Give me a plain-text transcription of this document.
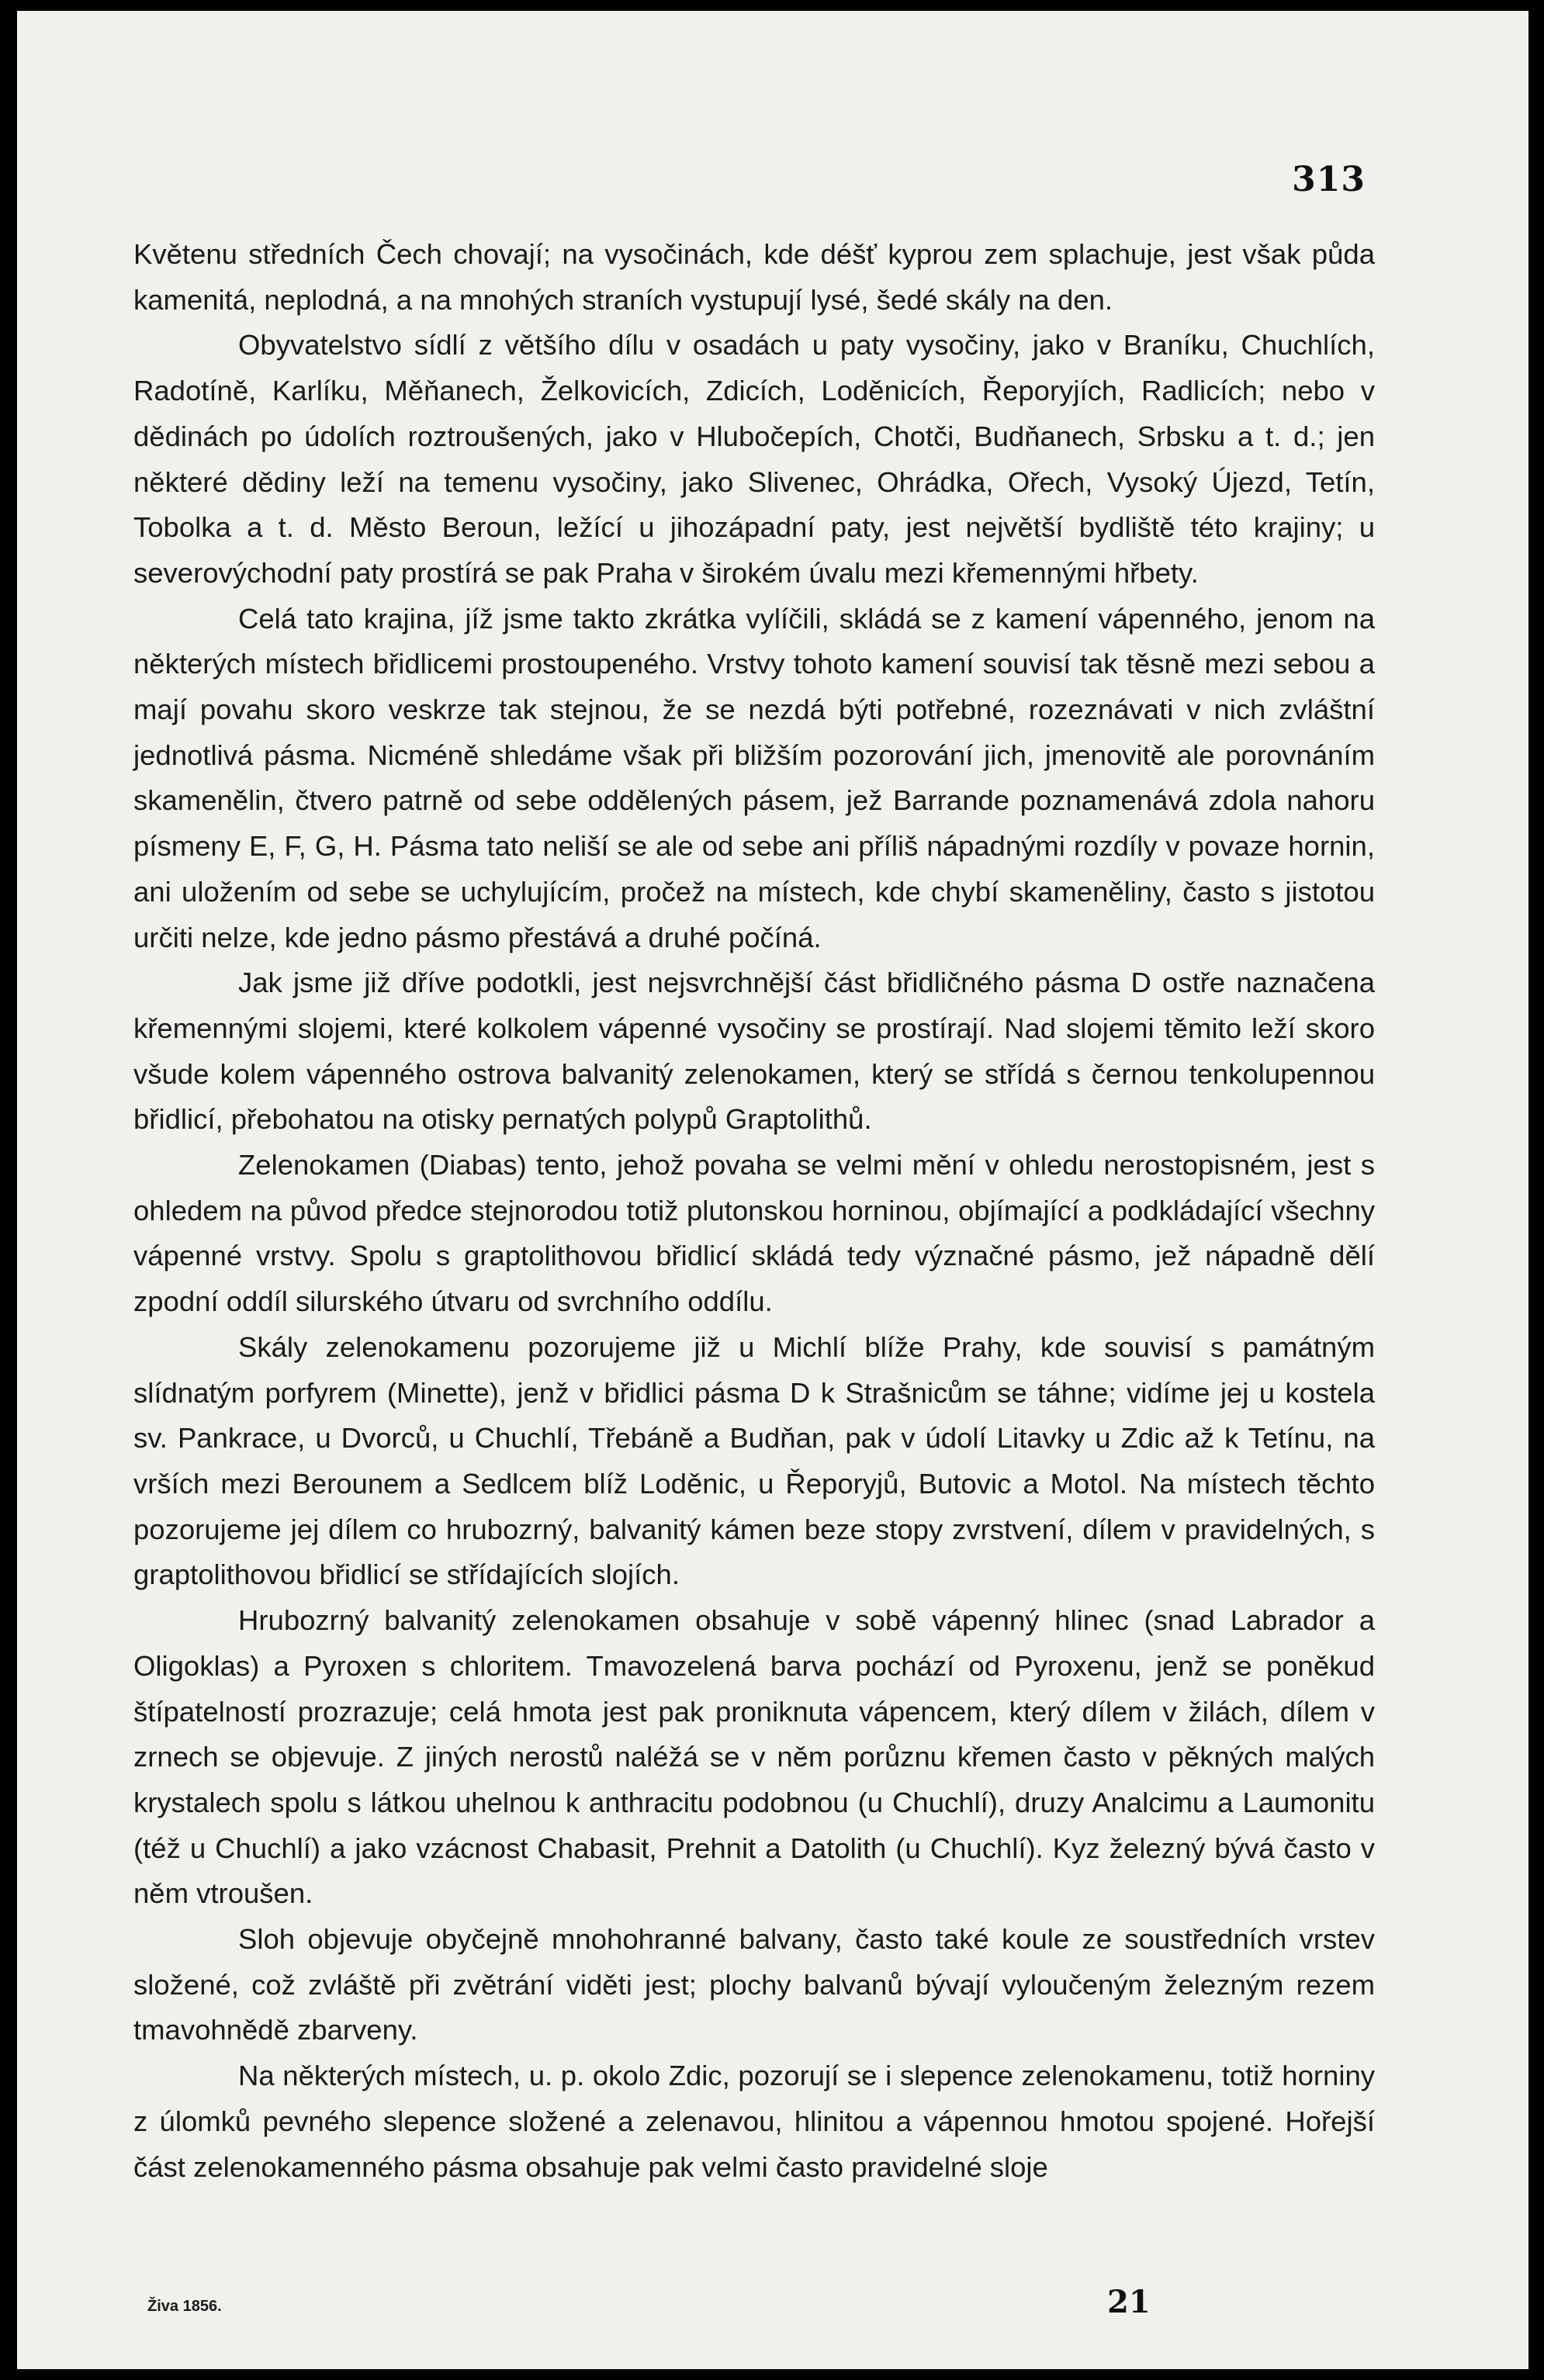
313

Květenu středních Čech chovají; na vysočinách, kde déšť kyprou zem splachuje, jest však půda kamenitá, neplodná, a na mnohých straních vystupují lysé, šedé skály na den.

Obyvatelstvo sídlí z většího dílu v osadách u paty vysočiny, jako v Braníku, Chuchlích, Radotíně, Karlíku, Měňanech, Želkovicích, Zdicích, Loděnicích, Řeporyjích, Radlicích; nebo v dědinách po údolích roztroušených, jako v Hlubočepích, Chotči, Budňanech, Srbsku a t. d.; jen některé dědiny leží na temenu vysočiny, jako Slivenec, Ohrádka, Ořech, Vysoký Újezd, Tetín, Tobolka a t. d. Město Beroun, ležící u jihozápadní paty, jest největší bydliště této krajiny; u severovýchodní paty prostírá se pak Praha v širokém úvalu mezi křemennými hřbety.

Celá tato krajina, jíž jsme takto zkrátka vylíčili, skládá se z kamení vápenného, jenom na některých místech břidlicemi prostoupeného. Vrstvy tohoto kamení souvisí tak těsně mezi sebou a mají povahu skoro veskrze tak stejnou, že se nezdá býti potřebné, rozeznávati v nich zvláštní jednotlivá pásma. Nicméně shledáme však při bližším pozorování jich, jmenovitě ale porovnáním skamenělin, čtvero patrně od sebe oddělených pásem, jež Barrande poznamenává zdola nahoru písmeny E, F, G, H. Pásma tato neliší se ale od sebe ani příliš nápadnými rozdíly v povaze hornin, ani uložením od sebe se uchylujícím, pročež na místech, kde chybí skameněliny, často s jistotou určiti nelze, kde jedno pásmo přestává a druhé počíná.

Jak jsme již dříve podotkli, jest nejsvrchnější část břidličného pásma D ostře naznačena křemennými slojemi, které kolkolem vápenné vysočiny se prostírají. Nad slojemi těmito leží skoro všude kolem vápenného ostrova balvanitý zelenokamen, který se střídá s černou tenkolupennou břidlicí, přebohatou na otisky pernatých polypů Graptolithů.

Zelenokamen (Diabas) tento, jehož povaha se velmi mění v ohledu nerostopisném, jest s ohledem na původ předce stejnorodou totiž plutonskou horninou, objímající a podkládající všechny vápenné vrstvy. Spolu s graptolithovou břidlicí skládá tedy význačné pásmo, jež nápadně dělí zpodní oddíl silurského útvaru od svrchního oddílu.

Skály zelenokamenu pozorujeme již u Michlí blíže Prahy, kde souvisí s památným slídnatým porfyrem (Minette), jenž v břidlici pásma D k Strašnicům se táhne; vidíme jej u kostela sv. Pankrace, u Dvorců, u Chuchlí, Třebáně a Budňan, pak v údolí Litavky u Zdic až k Tetínu, na vrších mezi Berounem a Sedlcem blíž Loděnic, u Řeporyjů, Butovic a Motol. Na místech těchto pozorujeme jej dílem co hrubozrný, balvanitý kámen beze stopy zvrstvení, dílem v pravidelných, s graptolithovou břidlicí se střídajících slojích.

Hrubozrný balvanitý zelenokamen obsahuje v sobě vápenný hlinec (snad Labrador a Oligoklas) a Pyroxen s chloritem. Tmavozelená barva pochází od Pyroxenu, jenž se poněkud štípatelností prozrazuje; celá hmota jest pak proniknuta vápencem, který dílem v žilách, dílem v zrnech se objevuje. Z jiných nerostů naléžá se v něm porůznu křemen často v pěkných malých krystalech spolu s látkou uhelnou k anthracitu podobnou (u Chuchlí), druzy Analcimu a Laumonitu (též u Chuchlí) a jako vzácnost Chabasit, Prehnit a Datolith (u Chuchlí). Kyz železný bývá často v něm vtroušen.

Sloh objevuje obyčejně mnohohranné balvany, často také koule ze soustředních vrstev složené, což zvláště při zvětrání viděti jest; plochy balvanů bývají vyloučeným železným rezem tmavohnědě zbarveny.

Na některých místech, u. p. okolo Zdic, pozorují se i slepence zelenokamenu, totiž horniny z úlomků pevného slepence složené a zelenavou, hlinitou a vápennou hmotou spojené. Hořejší část zelenokamenného pásma obsahuje pak velmi často pravidelné sloje

Živa 1856.	21
